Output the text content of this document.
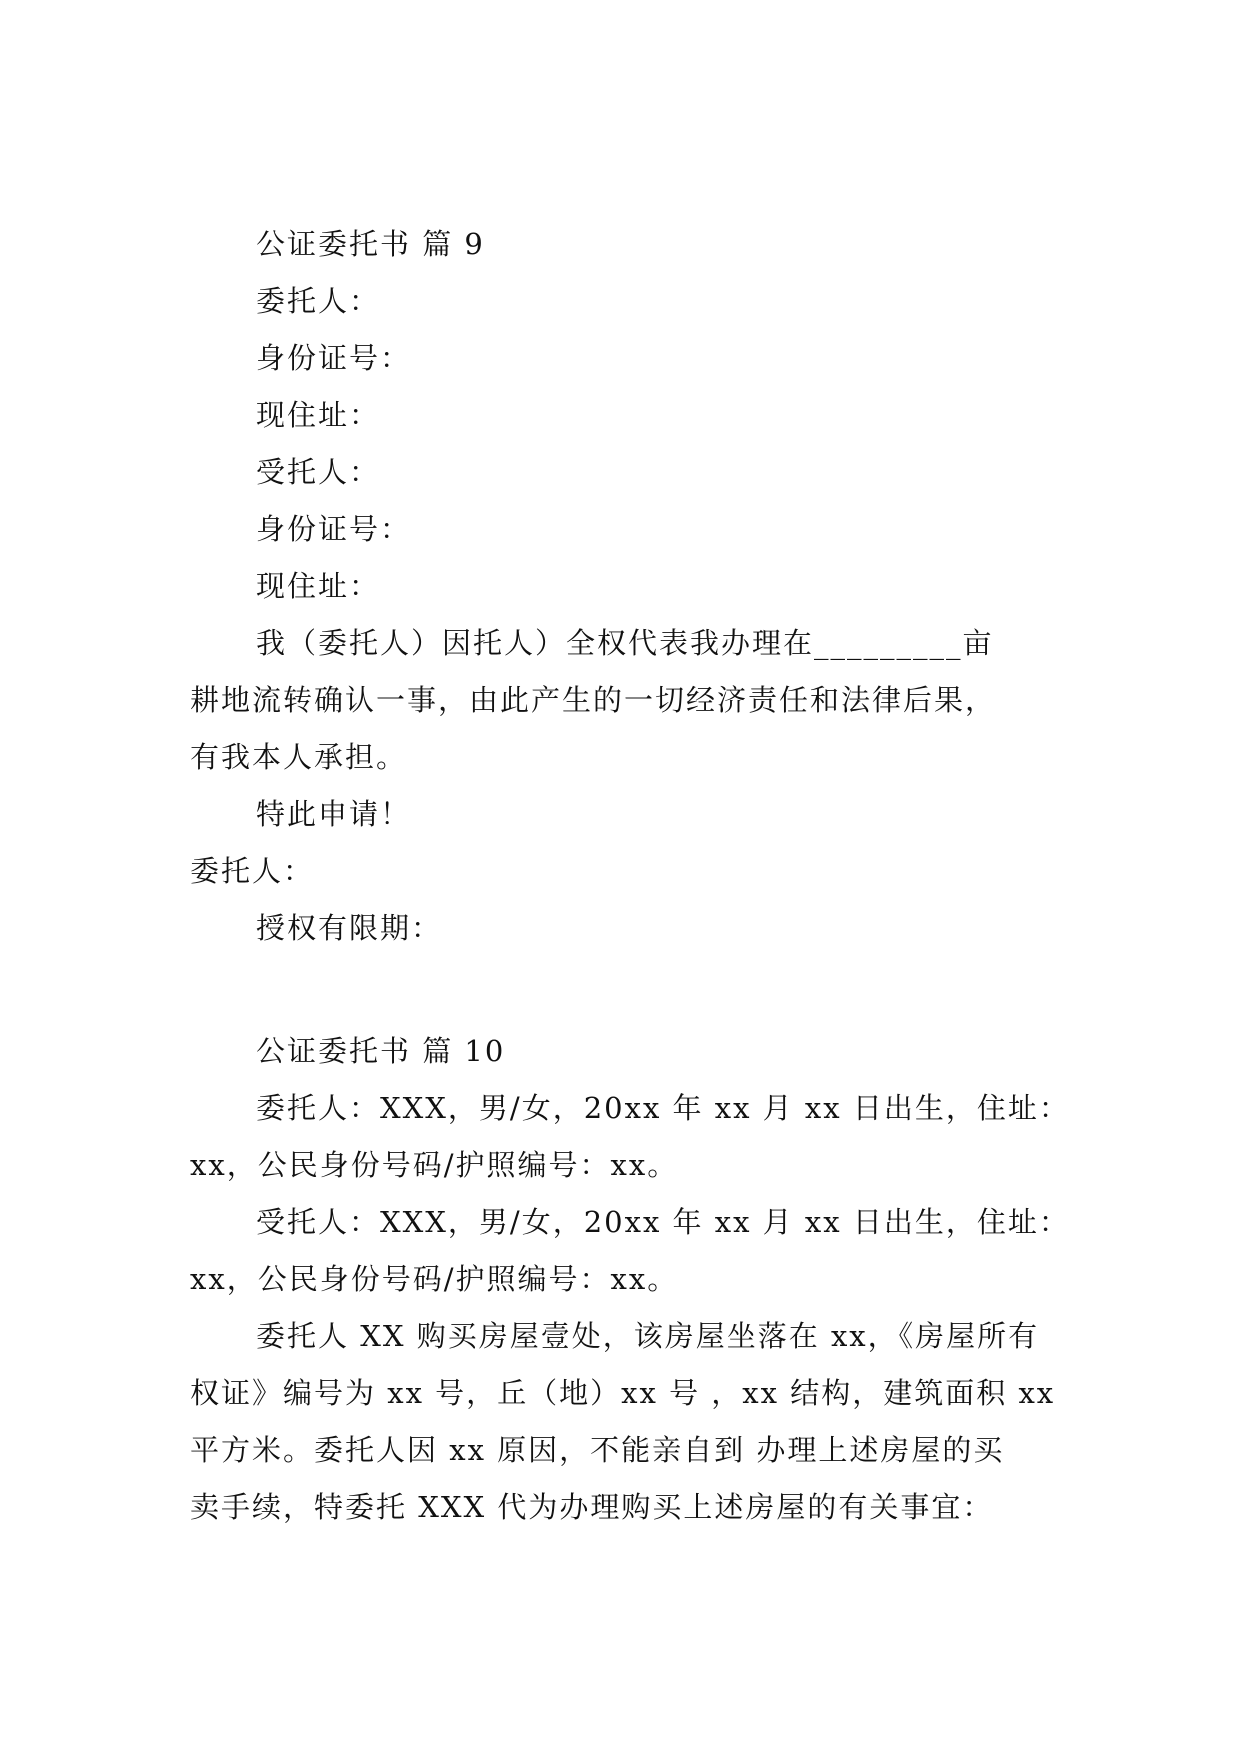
公证委托书 篇 9
委托人：
身份证号：
现住址：
受托人：
身份证号：
现住址：
我（委托人）因托人）全权代表我办理在_________亩
耕地流转确认一事，由此产生的一切经济责任和法律后果，
有我本人承担。
特此申请！
委托人：
授权有限期：
公证委托书 篇 10
委托人：XXX，男/女，20xx 年 xx 月 xx 日出生，住址：
xx，公民身份号码/护照编号：xx。
受托人：XXX，男/女，20xx 年 xx 月 xx 日出生，住址：
xx，公民身份号码/护照编号：xx。
委托人 XX 购买房屋壹处，该房屋坐落在 xx，《房屋所有
权证》编号为 xx 号，丘（地）xx 号 ，xx 结构，建筑面积 xx
平方米。委托人因 xx 原因，不能亲自到 办理上述房屋的买
卖手续，特委托 XXX 代为办理购买上述房屋的有关事宜：
